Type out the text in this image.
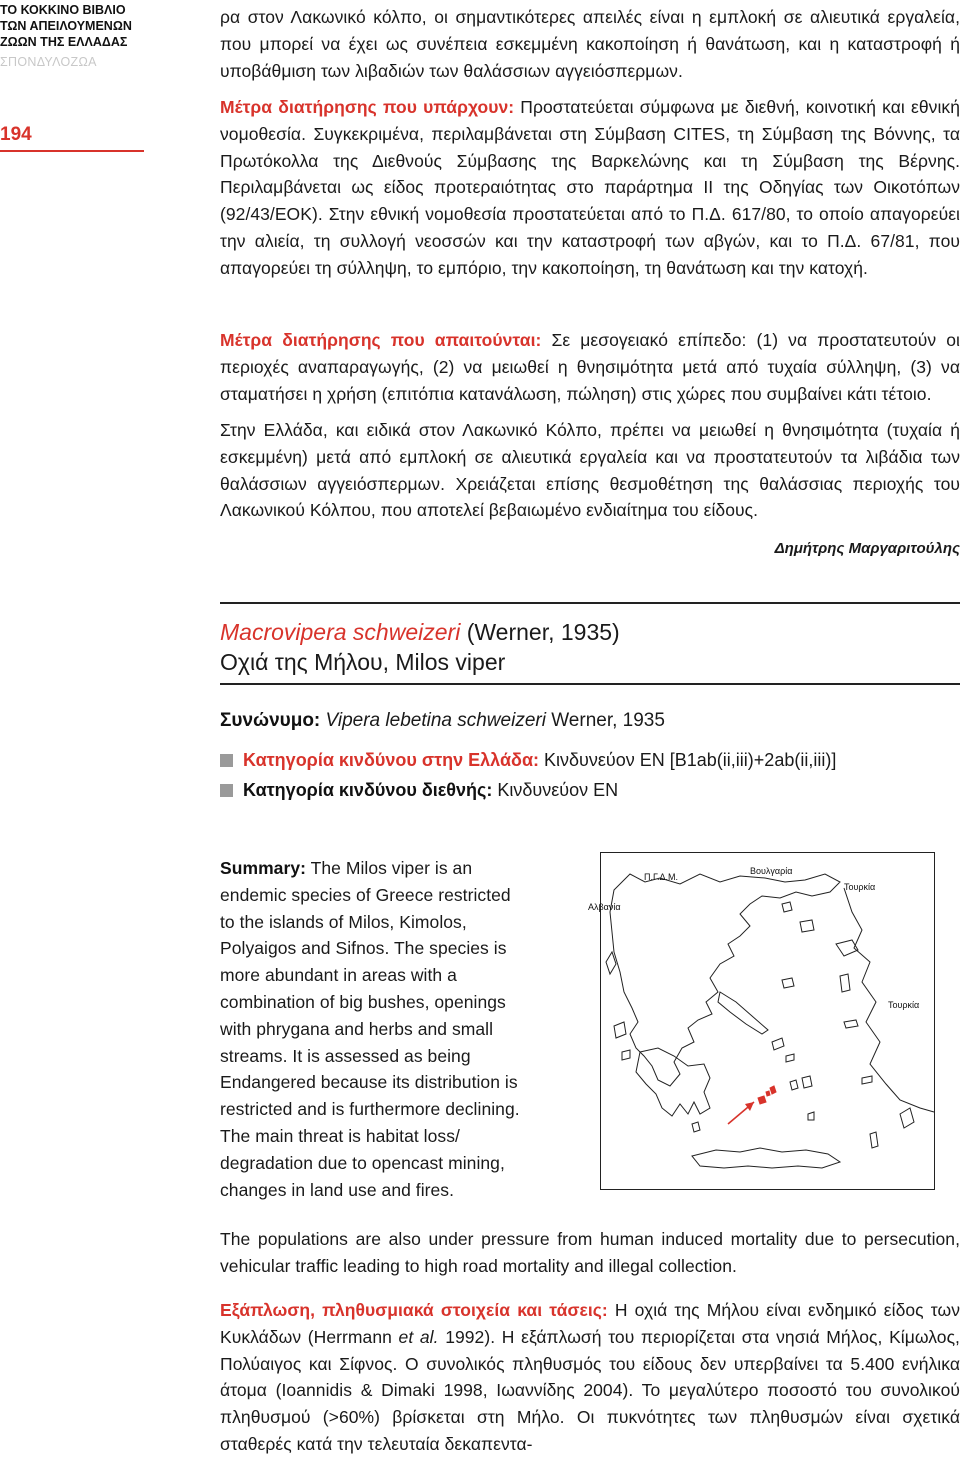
ΤΟ ΚΟΚΚΙΝΟ ΒΙΒΛΙΟ ΤΩΝ ΑΠΕΙΛΟΥΜΕΝΩΝ ΖΩΩΝ ΤΗΣ ΕΛΛΑΔΑΣ
ΣΠΟΝΔΥΛΟΖΩΑ
194

ρα στον Λακωνικό κόλπο, οι σημαντικότερες απειλές είναι η εμπλοκή σε αλιευτικά εργαλεία, που μπορεί να έχει ως συνέπεια εσκεμμένη κακοποίηση ή θανάτωση, και η καταστροφή ή υποβάθμιση των λιβαδιών των θαλάσσιων αγγειόσπερμων.

Μέτρα διατήρησης που υπάρχουν: Προστατεύεται σύμφωνα με διεθνή, κοινοτική και εθνική νομοθεσία. Συγκεκριμένα, περιλαμβάνεται στη Σύμβαση CITES, τη Σύμβαση της Βόννης, τα Πρωτόκολλα της Διεθνούς Σύμβασης της Βαρκελώνης και τη Σύμβαση της Βέρνης. Περιλαμβάνεται ως είδος προτεραιότητας στο παράρτημα ΙΙ της Οδηγίας των Οικοτόπων (92/43/ΕΟΚ). Στην εθνική νομοθεσία προστατεύεται από το Π.Δ. 617/80, το οποίο απαγορεύει την αλιεία, τη συλλογή νεοσσών και την καταστροφή των αβγών, και το Π.Δ. 67/81, που απαγορεύει τη σύλληψη, το εμπόριο, την κακοποίηση, τη θανάτωση και την κατοχή.

Μέτρα διατήρησης που απαιτούνται: Σε μεσογειακό επίπεδο: (1) να προστατευτούν οι περιοχές αναπαραγωγής, (2) να μειωθεί η θνησιμότητα μετά από τυχαία σύλληψη, (3) να σταματήσει η χρήση (επιτόπια κατανάλωση, πώληση) στις χώρες που συμβαίνει κάτι τέτοιο.

Στην Ελλάδα, και ειδικά στον Λακωνικό Κόλπο, πρέπει να μειωθεί η θνησιμότητα (τυχαία ή εσκεμμένη) μετά από εμπλοκή σε αλιευτικά εργαλεία και να προστατευτούν τα λιβάδια των θαλάσσιων αγγειόσπερμων. Χρειάζεται επίσης θεσμοθέτηση της θαλάσσιας περιοχής του Λακωνικού Κόλπου, που αποτελεί βεβαιωμένο ενδιαίτημα του είδους.

Δημήτρης Μαργαριτούλης
Macrovipera schweizeri (Werner, 1935)
Οχιά της Μήλου, Milos viper
Συνώνυμο: Vipera lebetina schweizeri Werner, 1935
Κατηγορία κινδύνου στην Ελλάδα: Κινδυνεύον EN [B1ab(ii,iii)+2ab(ii,iii)]
Κατηγορία κινδύνου διεθνής: Κινδυνεύον EN

Summary: The Milos viper is an endemic species of Greece restricted to the islands of Milos, Kimolos, Polyaigos and Sifnos. The species is more abundant in areas with a combination of big bushes, openings with phrygana and herbs and small streams. It is assessed as being Endangered because its distribution is restricted and is furthermore declining. The main threat is habitat loss/ degradation due to opencast mining, changes in land use and fires.

The populations are also under pressure from human induced mortality due to persecution, vehicular traffic leading to high road mortality and illegal collection.

Εξάπλωση, πληθυσμιακά στοιχεία και τάσεις: Η οχιά της Μήλου είναι ενδημικό είδος των Κυκλάδων (Herrmann et al. 1992). Η εξάπλωσή του περιορίζεται στα νησιά Μήλος, Κίμωλος, Πολύαιγος και Σίφνος. Ο συνολικός πληθυσμός του είδους δεν υπερβαίνει τα 5.400 ενήλικα άτομα (Ioannidis & Dimaki 1998, Ιωαννίδης 2004). Το μεγαλύτερο ποσοστό του συνολικού πληθυσμού (>60%) βρίσκεται στη Μήλο. Οι πυκνότητες των πληθυσμών είναι σχετικά σταθερές κατά την τελευταία δεκαπεντα-

Π.Γ.Δ.Μ.
Βουλγαρία
Αλβανία
Τουρκία
Τουρκία
